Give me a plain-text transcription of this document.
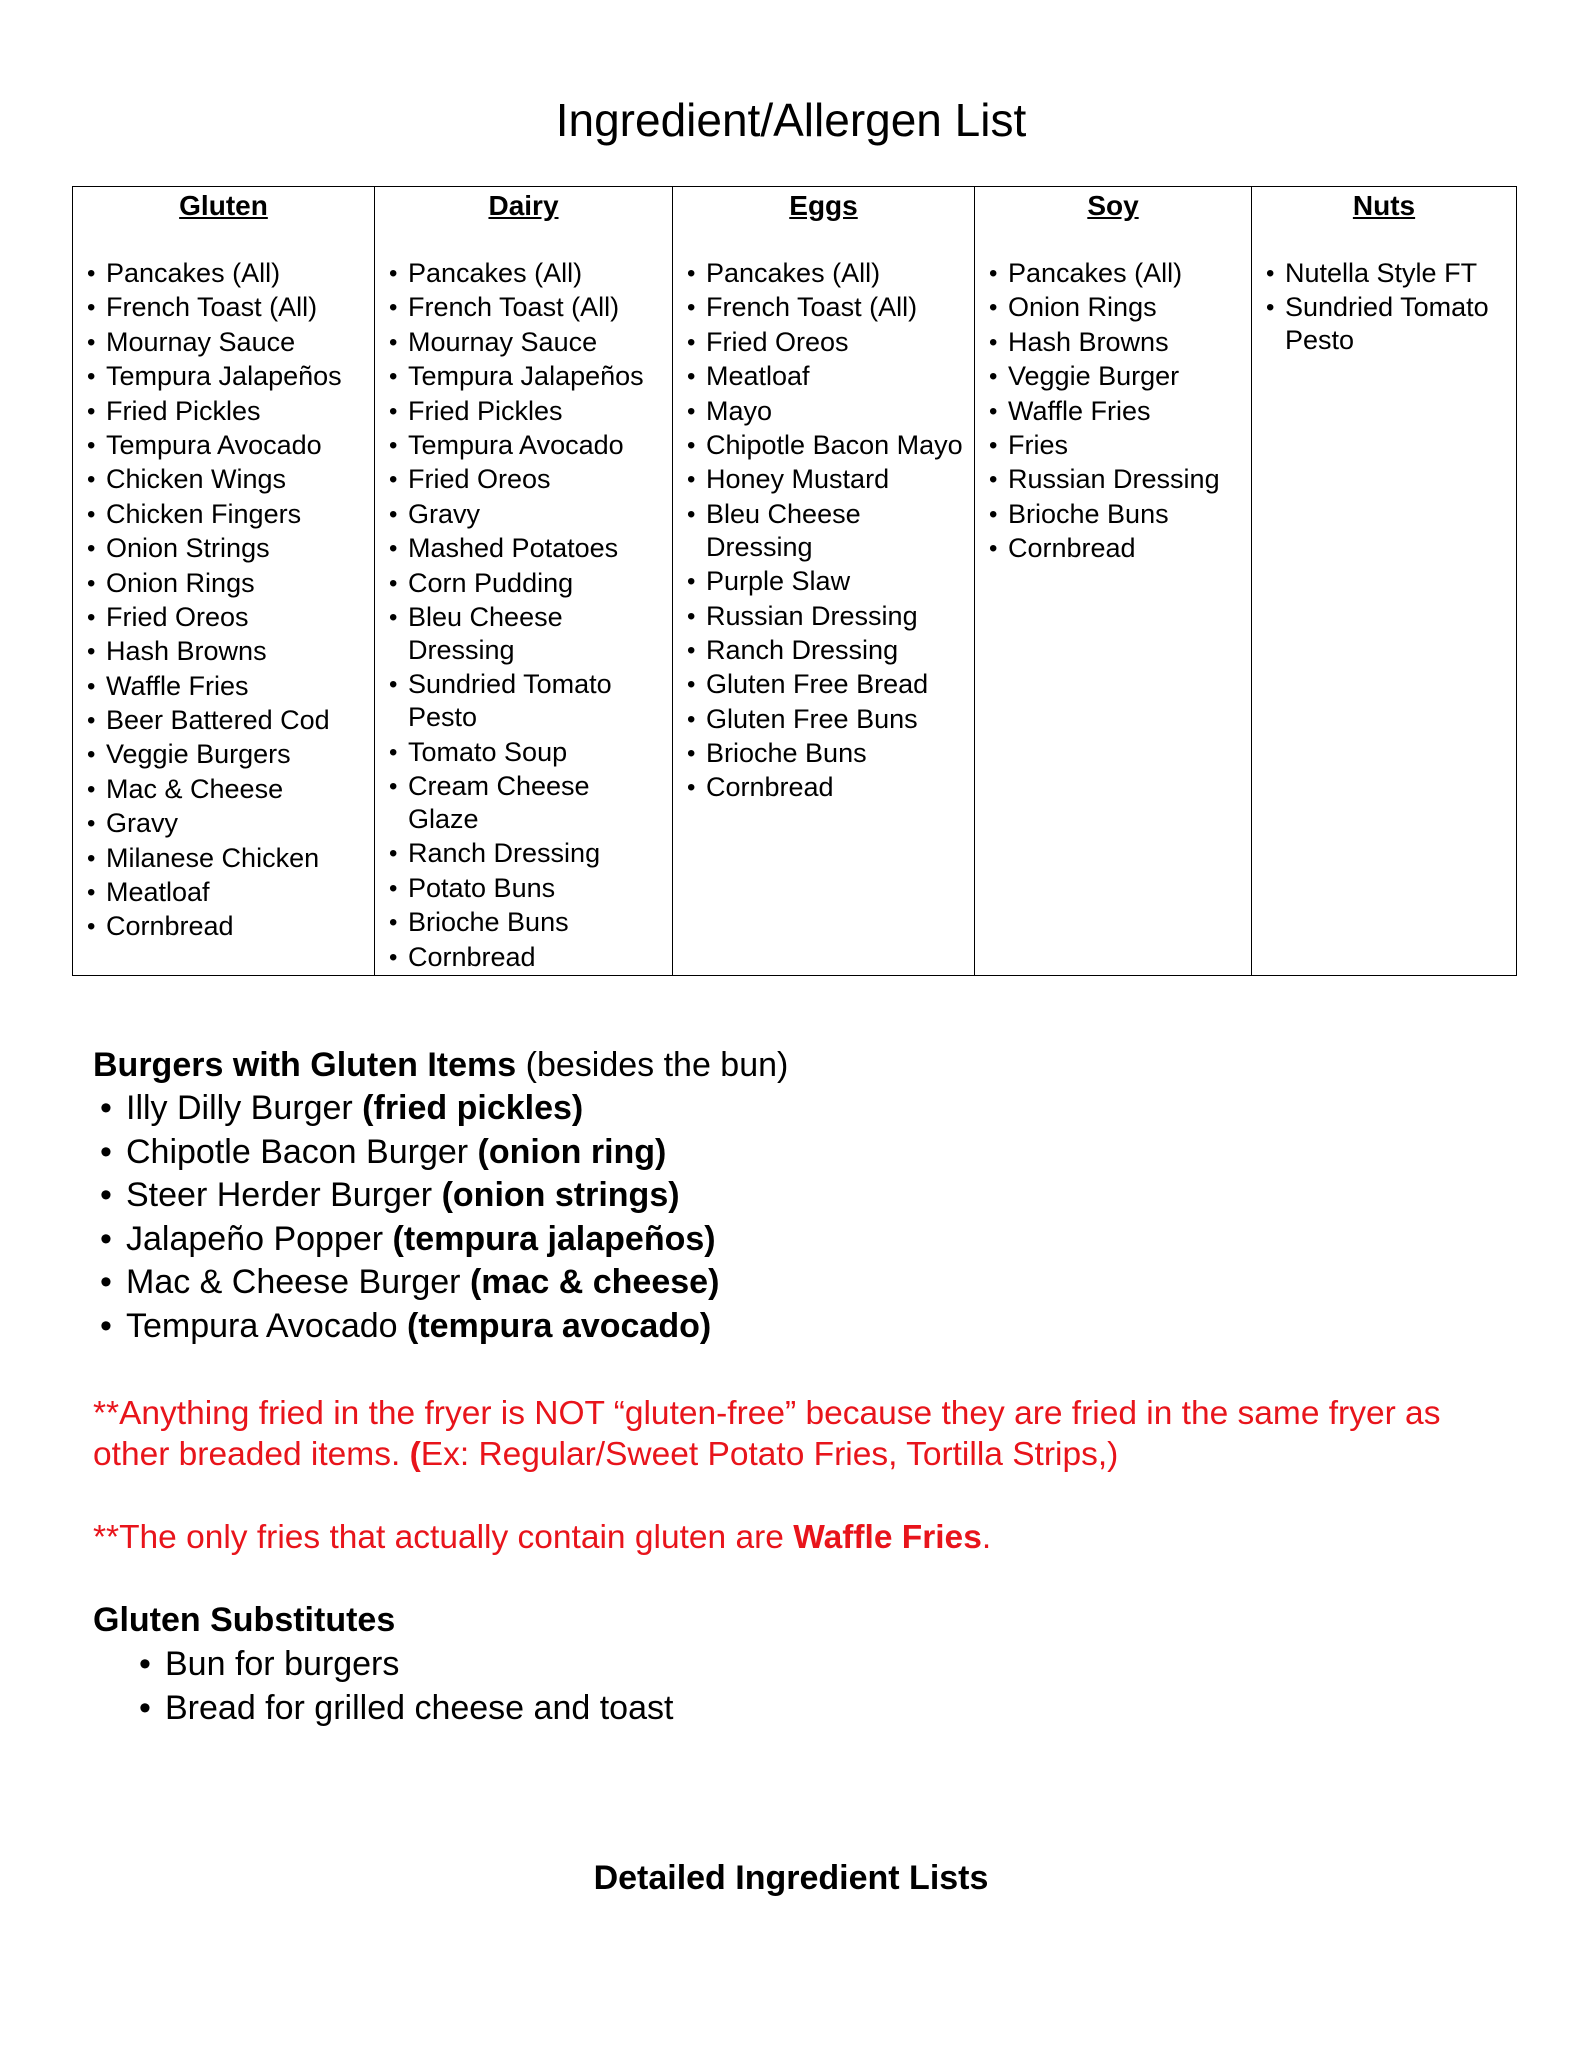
Ingredient/Allergen List
Gluten
• Pancakes (All)
• French Toast (All)
• Mournay Sauce
• Tempura Jalapeños
• Fried Pickles
• Tempura Avocado
• Chicken Wings
• Chicken Fingers
• Onion Strings
• Onion Rings
• Fried Oreos
• Hash Browns
• Waffle Fries
• Beer Battered Cod
• Veggie Burgers
• Mac & Cheese
• Gravy
• Milanese Chicken
• Meatloaf
• Cornbread

Dairy
• Pancakes (All)
• French Toast (All)
• Mournay Sauce
• Tempura Jalapeños
• Fried Pickles
• Tempura Avocado
• Fried Oreos
• Gravy
• Mashed Potatoes
• Corn Pudding
• Bleu Cheese Dressing
• Sundried Tomato Pesto
• Tomato Soup
• Cream Cheese Glaze
• Ranch Dressing
• Potato Buns
• Brioche Buns
• Cornbread

Eggs
• Pancakes (All)
• French Toast (All)
• Fried Oreos
• Meatloaf
• Mayo
• Chipotle Bacon Mayo
• Honey Mustard
• Bleu Cheese Dressing
• Purple Slaw
• Russian Dressing
• Ranch Dressing
• Gluten Free Bread
• Gluten Free Buns
• Brioche Buns
• Cornbread

Soy
• Pancakes (All)
• Onion Rings
• Hash Browns
• Veggie Burger
• Waffle Fries
• Fries
• Russian Dressing
• Brioche Buns
• Cornbread

Nuts
• Nutella Style FT
• Sundried Tomato Pesto

Burgers with Gluten Items (besides the bun)

• Illy Dilly Burger (fried pickles)
• Chipotle Bacon Burger (onion ring)
• Steer Herder Burger (onion strings)
• Jalapeño Popper (tempura jalapeños)
• Mac & Cheese Burger (mac & cheese)
• Tempura Avocado (tempura avocado)

**Anything fried in the fryer is NOT “gluten-free” because they are fried in the same fryer as other breaded items. (Ex: Regular/Sweet Potato Fries, Tortilla Strips,)

**The only fries that actually contain gluten are Waffle Fries.

Gluten Substitutes

• Bun for burgers
• Bread for grilled cheese and toast

Detailed Ingredient Lists
